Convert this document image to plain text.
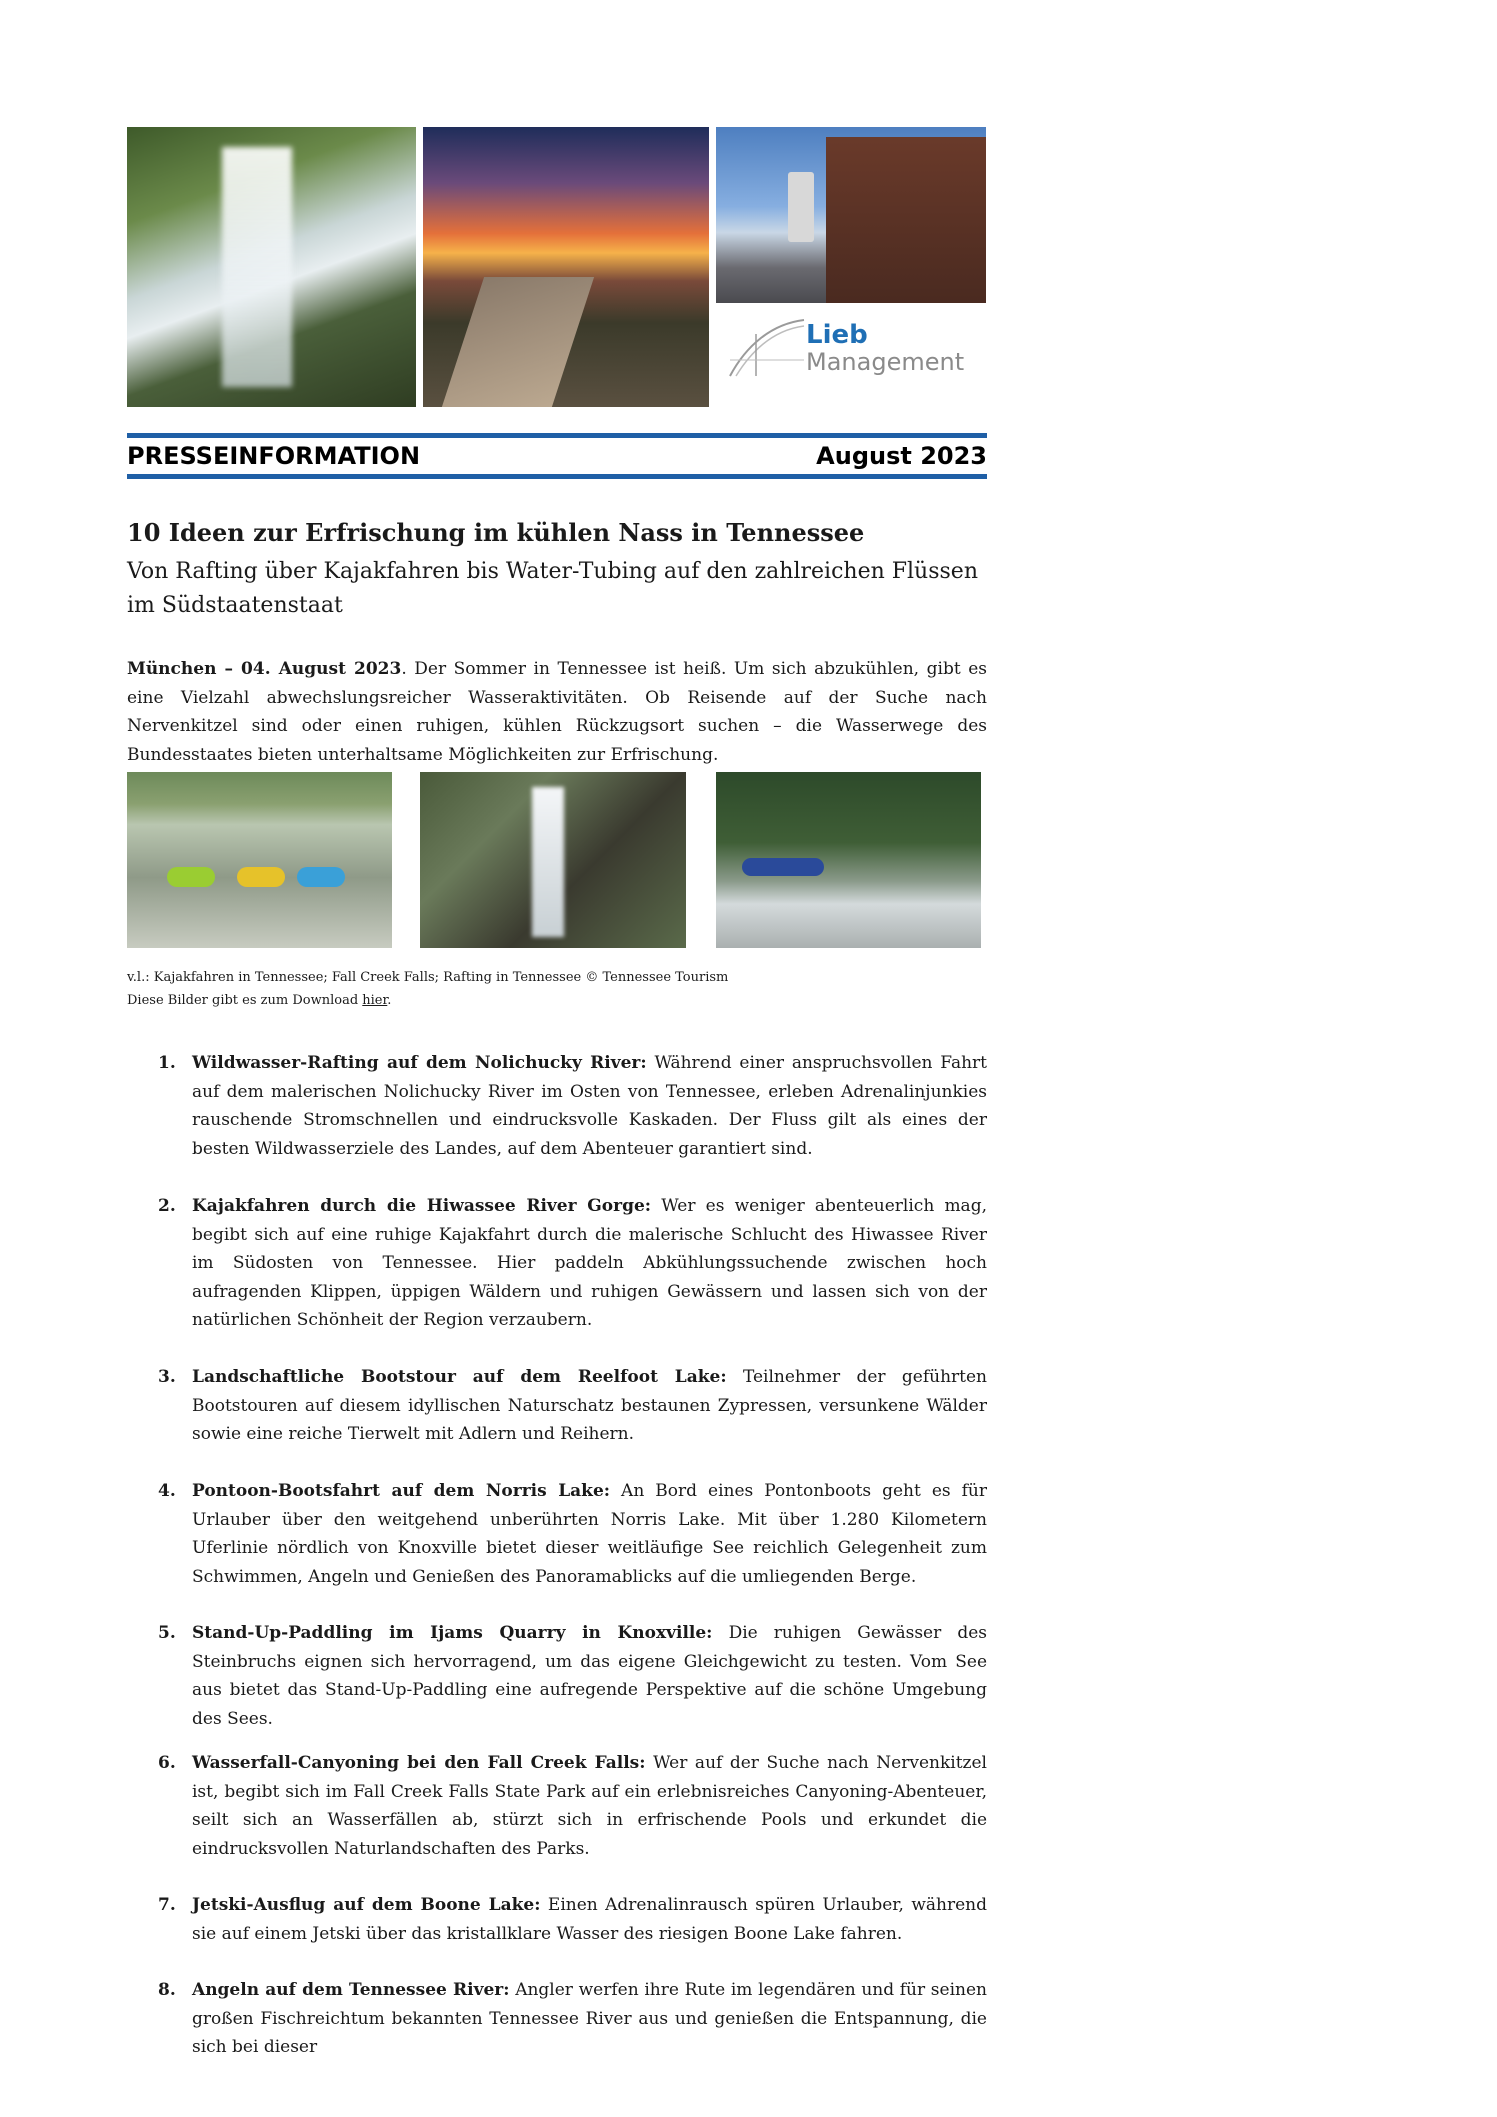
Lieb
Management
PRESSEINFORMATION	August 2023
10 Ideen zur Erfrischung im kühlen Nass in Tennessee
Von Rafting über Kajakfahren bis Water-Tubing auf den zahlreichen Flüssen im Südstaatenstaat
München – 04. August 2023. Der Sommer in Tennessee ist heiß. Um sich abzukühlen, gibt es eine Vielzahl abwechslungsreicher Wasseraktivitäten. Ob Reisende auf der Suche nach Nervenkitzel sind oder einen ruhigen, kühlen Rückzugsort suchen – die Wasserwege des Bundesstaates bieten unterhaltsame Möglichkeiten zur Erfrischung.
v.l.: Kajakfahren in Tennessee; Fall Creek Falls; Rafting in Tennessee © Tennessee Tourism
Diese Bilder gibt es zum Download hier.
1. Wildwasser-Rafting auf dem Nolichucky River: Während einer anspruchsvollen Fahrt auf dem malerischen Nolichucky River im Osten von Tennessee, erleben Adrenalinjunkies rauschende Stromschnellen und eindrucksvolle Kaskaden. Der Fluss gilt als eines der besten Wildwasserziele des Landes, auf dem Abenteuer garantiert sind.
2. Kajakfahren durch die Hiwassee River Gorge: Wer es weniger abenteuerlich mag, begibt sich auf eine ruhige Kajakfahrt durch die malerische Schlucht des Hiwassee River im Südosten von Tennessee. Hier paddeln Abkühlungssuchende zwischen hoch aufragenden Klippen, üppigen Wäldern und ruhigen Gewässern und lassen sich von der natürlichen Schönheit der Region verzaubern.
3. Landschaftliche Bootstour auf dem Reelfoot Lake: Teilnehmer der geführten Bootstouren auf diesem idyllischen Naturschatz bestaunen Zypressen, versunkene Wälder sowie eine reiche Tierwelt mit Adlern und Reihern.
4. Pontoon-Bootsfahrt auf dem Norris Lake: An Bord eines Pontonboots geht es für Urlauber über den weitgehend unberührten Norris Lake. Mit über 1.280 Kilometern Uferlinie nördlich von Knoxville bietet dieser weitläufige See reichlich Gelegenheit zum Schwimmen, Angeln und Genießen des Panoramablicks auf die umliegenden Berge.
5. Stand-Up-Paddling im Ijams Quarry in Knoxville: Die ruhigen Gewässer des Steinbruchs eignen sich hervorragend, um das eigene Gleichgewicht zu testen. Vom See aus bietet das Stand-Up-Paddling eine aufregende Perspektive auf die schöne Umgebung des Sees.
6. Wasserfall-Canyoning bei den Fall Creek Falls: Wer auf der Suche nach Nervenkitzel ist, begibt sich im Fall Creek Falls State Park auf ein erlebnisreiches Canyoning-Abenteuer, seilt sich an Wasserfällen ab, stürzt sich in erfrischende Pools und erkundet die eindrucksvollen Naturlandschaften des Parks.
7. Jetski-Ausflug auf dem Boone Lake: Einen Adrenalinrausch spüren Urlauber, während sie auf einem Jetski über das kristallklare Wasser des riesigen Boone Lake fahren.
8. Angeln auf dem Tennessee River: Angler werfen ihre Rute im legendären und für seinen großen Fischreichtum bekannten Tennessee River aus und genießen die Entspannung, die sich bei dieser
